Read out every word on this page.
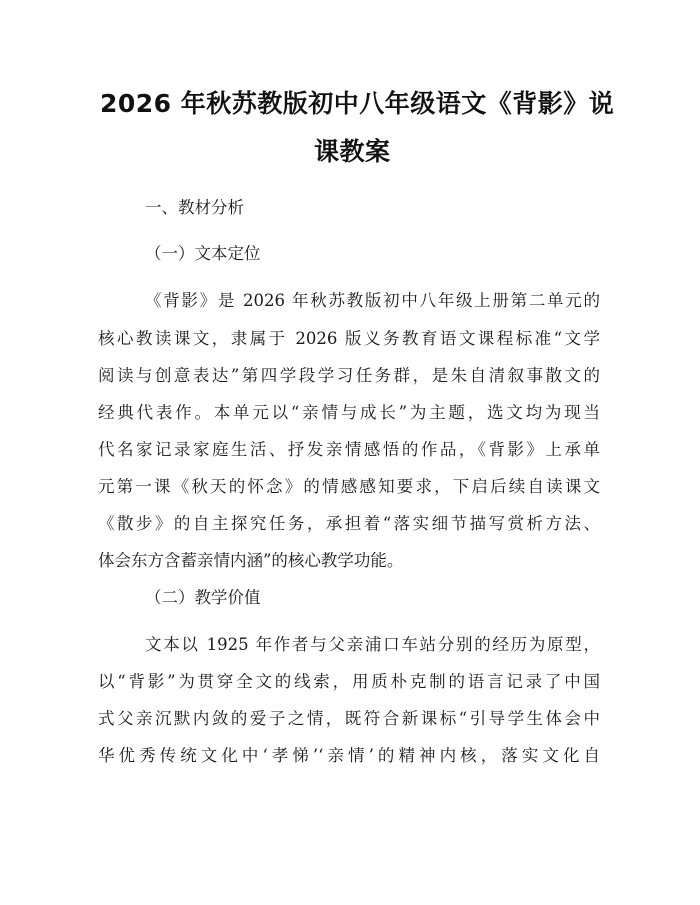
2026 年秋苏教版初中八年级语文《背影》说
课教案
一、教材分析
（一）文本定位
《背影》是 2026 年秋苏教版初中八年级上册第二单元的
核心教读课文，隶属于 2026 版义务教育语文课程标准“文学
阅读与创意表达”第四学段学习任务群，是朱自清叙事散文的
经典代表作。本单元以“亲情与成长”为主题，选文均为现当
代名家记录家庭生活、抒发亲情感悟的作品，《背影》上承单
元第一课《秋天的怀念》的情感感知要求，下启后续自读课文
《散步》的自主探究任务，承担着“落实细节描写赏析方法、
体会东方含蓄亲情内涵”的核心教学功能。
（二）教学价值
文本以 1925 年作者与父亲浦口车站分别的经历为原型，
以“背影”为贯穿全文的线索，用质朴克制的语言记录了中国
式父亲沉默内敛的爱子之情，既符合新课标“引导学生体会中
华优秀传统文化中‘孝悌’‘亲情’的精神内核，落实文化自
